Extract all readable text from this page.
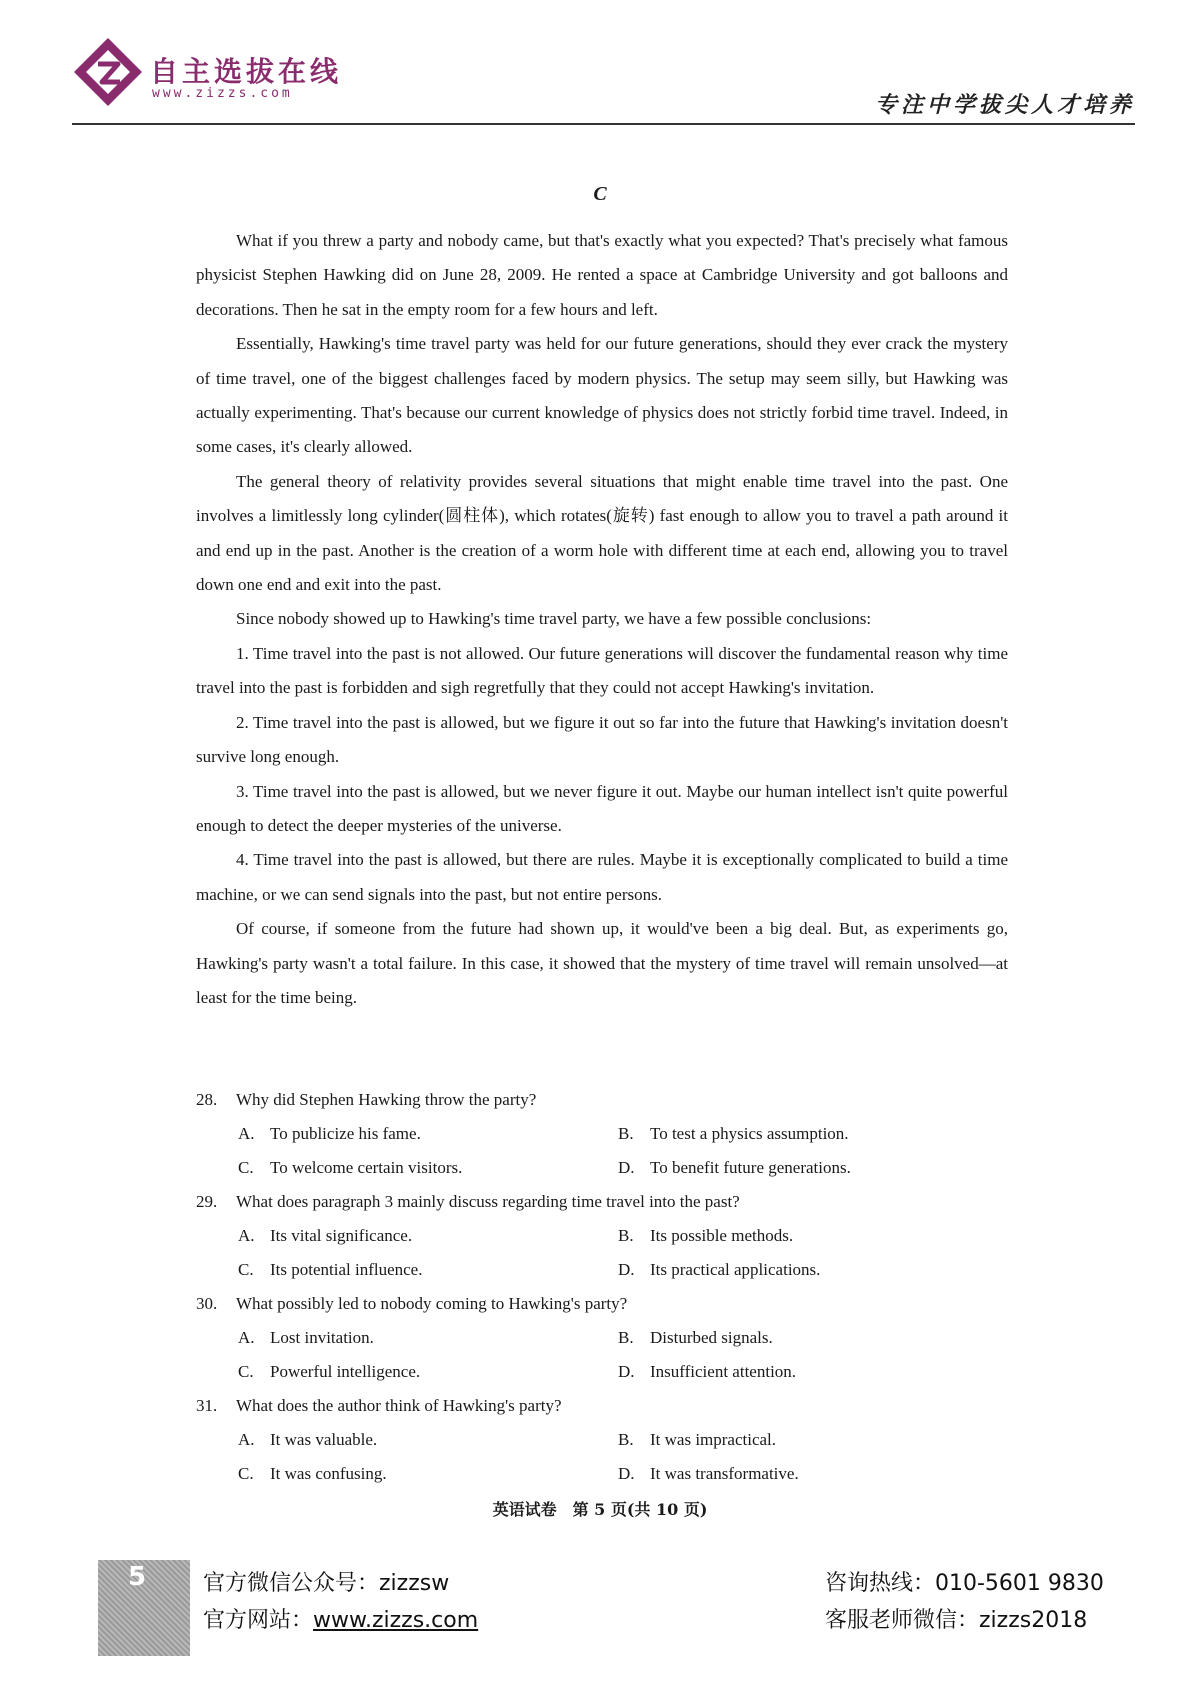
自主选拔在线
www.zizzs.com	专注中学拔尖人才培养
C

What if you threw a party and nobody came, but that's exactly what you expected? That's precisely what famous physicist Stephen Hawking did on June 28, 2009. He rented a space at Cambridge University and got balloons and decorations. Then he sat in the empty room for a few hours and left.

Essentially, Hawking's time travel party was held for our future generations, should they ever crack the mystery of time travel, one of the biggest challenges faced by modern physics. The setup may seem silly, but Hawking was actually experimenting. That's because our current knowledge of physics does not strictly forbid time travel. Indeed, in some cases, it's clearly allowed.

The general theory of relativity provides several situations that might enable time travel into the past. One involves a limitlessly long cylinder(圆柱体), which rotates(旋转) fast enough to allow you to travel a path around it and end up in the past. Another is the creation of a worm hole with different time at each end, allowing you to travel down one end and exit into the past.

Since nobody showed up to Hawking's time travel party, we have a few possible conclusions:

1. Time travel into the past is not allowed. Our future generations will discover the fundamental reason why time travel into the past is forbidden and sigh regretfully that they could not accept Hawking's invitation.

2. Time travel into the past is allowed, but we figure it out so far into the future that Hawking's invitation doesn't survive long enough.

3. Time travel into the past is allowed, but we never figure it out. Maybe our human intellect isn't quite powerful enough to detect the deeper mysteries of the universe.

4. Time travel into the past is allowed, but there are rules. Maybe it is exceptionally complicated to build a time machine, or we can send signals into the past, but not entire persons.

Of course, if someone from the future had shown up, it would've been a big deal. But, as experiments go, Hawking's party wasn't a total failure. In this case, it showed that the mystery of time travel will remain unsolved—at least for the time being.

28. Why did Stephen Hawking throw the party?
A. To publicize his fame.	B. To test a physics assumption.
C. To welcome certain visitors.	D. To benefit future generations.
29. What does paragraph 3 mainly discuss regarding time travel into the past?
A. Its vital significance.	B. Its possible methods.
C. Its potential influence.	D. Its practical applications.
30. What possibly led to nobody coming to Hawking's party?
A. Lost invitation.	B. Disturbed signals.
C. Powerful intelligence.	D. Insufficient attention.
31. What does the author think of Hawking's party?
A. It was valuable.	B. It was impractical.
C. It was confusing.	D. It was transformative.
英语试卷　第 5 页(共 10 页)
5	官方微信公众号：zizzsw
官方网站：www.zizzs.com
咨询热线：010-5601 9830
客服老师微信：zizzs2018
